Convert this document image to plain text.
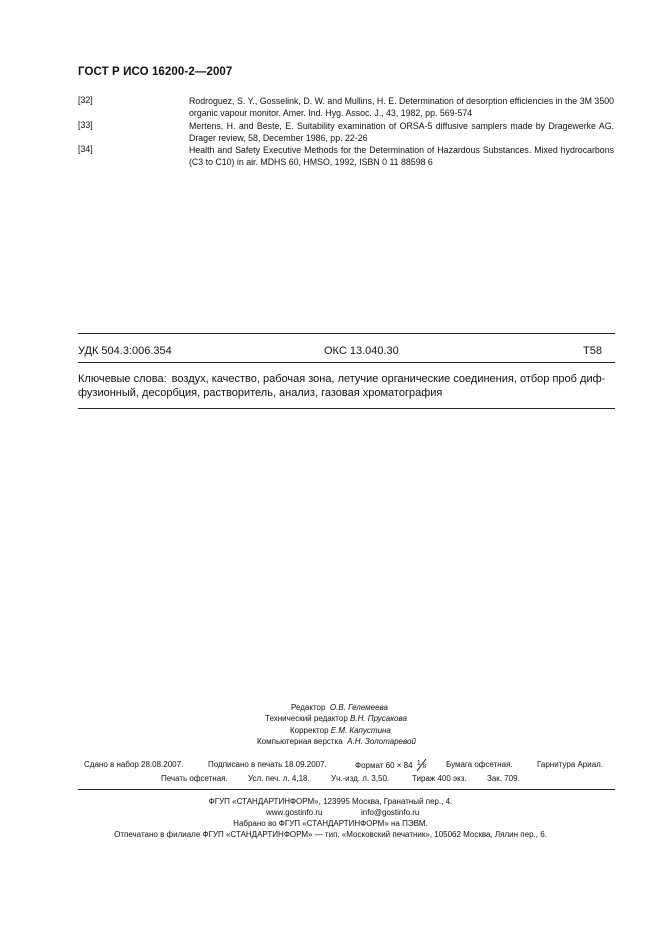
ГОСТ Р ИСО 16200-2—2007
[32]	Rodroguez, S. Y., Gosselink, D. W. and Mullins, H. E. Determination of desorption efficiencies in the 3M 3500 organic vapour monitor. Amer. Ind. Hyg. Assoc. J., 43, 1982, pp. 569-574
[33]	Mertens, H. and Beste, E. Suitability examination of ORSA-5 diffusive samplers made by Dragewerke AG. Drager review, 58, December 1986, pp. 22-26
[34]	Health and Safety Executive Methods for the Determination of Hazardous Substances. Mixed hydrocarbons (C3 to C10) in air. MDHS 60, HMSO, 1992, ISBN 0 11 88598 6
УДК 504.3:006.354	ОКС 13.040.30	Т58
Ключевые слова: воздух, качество, рабочая зона, летучие органические соединения, отбор проб диф-фузионный, десорбция, растворитель, анализ, газовая хроматография
Редактор О.В. Гелемеева
Технический редактор В.Н. Прусакова
Корректор Е.М. Капустина
Компьютерная верстка А.Н. Золотаревой
Сдано в набор 28.08.2007.	Подписано в печать 18.09.2007.	Формат 60 × 84 1 8 Бумага офсетная.	Гарнитура Ариал.
Печать офсетная.	Усл. печ. л. 4,18.	Уч.-изд. л. 3,50.	Тираж 400 экз.	Зак. 709.
ФГУП «СТАНДАРТИНФОРМ», 123995 Москва, Гранатный пер., 4.
www.gostinfo.ru	info@gostinfo.ru
Набрано во ФГУП «СТАНДАРТИНФОРМ» на ПЭВМ.
Отпечатано в филиале ФГУП «СТАНДАРТИНФОРМ» — тип. «Московский печатник», 105062 Москва, Лялин пер., 6.
